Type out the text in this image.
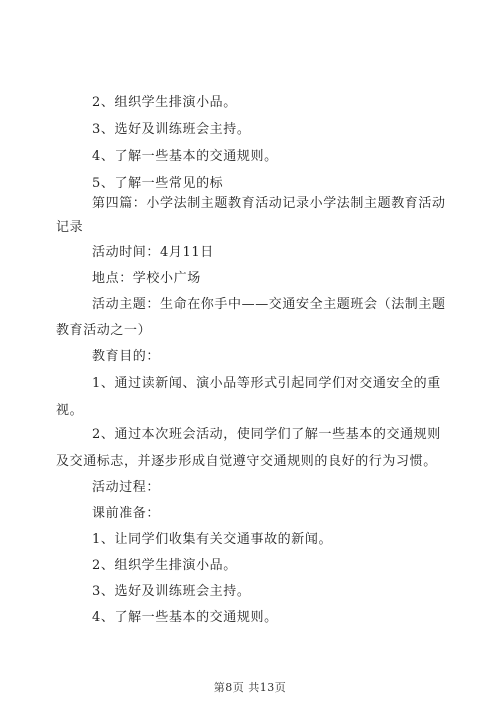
2、组织学生排演小品。
3、选好及训练班会主持。
4、了解一些基本的交通规则。
5、了解一些常见的标
第四篇：小学法制主题教育活动记录小学法制主题教育活动
记录
活动时间：4月11日
地点：学校小广场
活动主题：生命在你手中——交通安全主题班会（法制主题
教育活动之一）
教育目的：
1、通过读新闻、演小品等形式引起同学们对交通安全的重
视。
2、通过本次班会活动，使同学们了解一些基本的交通规则
及交通标志，并逐步形成自觉遵守交通规则的良好的行为习惯。
活动过程：
课前准备：
1、让同学们收集有关交通事故的新闻。
2、组织学生排演小品。
3、选好及训练班会主持。
4、了解一些基本的交通规则。
第8页 共13页
